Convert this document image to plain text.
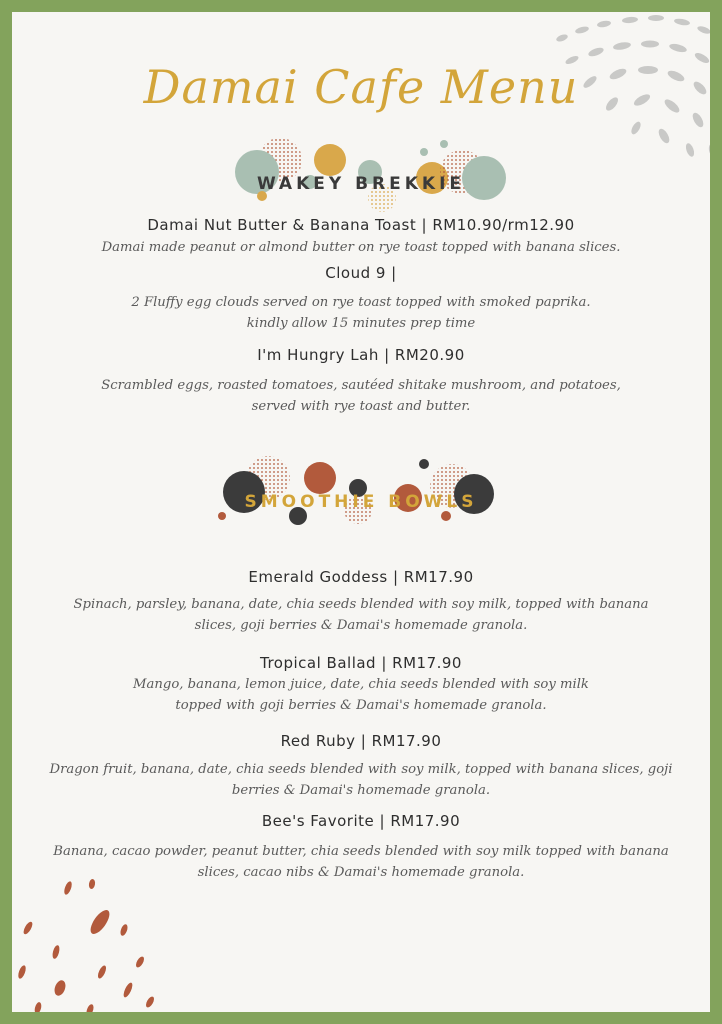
Damai Cafe Menu
WAKEY BREKKIE
Damai Nut Butter & Banana Toast | RM10.90/rm12.90
Damai made peanut or almond butter on rye toast topped with banana slices.
Cloud 9 |
2 Fluffy egg clouds served on rye toast topped with smoked paprika.
kindly allow 15 minutes prep time
I'm Hungry Lah | RM20.90
Scrambled eggs, roasted tomatoes, sautéed shitake mushroom, and potatoes,
served with rye toast and butter.
SMOOTHIE BOWLS
Emerald Goddess | RM17.90
Spinach, parsley, banana, date, chia seeds blended with soy milk, topped with banana
slices, goji berries & Damai's homemade granola.
Tropical Ballad | RM17.90
Mango, banana, lemon juice, date, chia seeds blended with soy milk
topped with goji berries & Damai's homemade granola.
Red Ruby | RM17.90
Dragon fruit, banana, date, chia seeds blended with soy milk, topped with banana slices, goji
berries & Damai's homemade granola.
Bee's Favorite | RM17.90
Banana, cacao powder, peanut butter, chia seeds blended with soy milk topped with banana
slices, cacao nibs & Damai's homemade granola.
